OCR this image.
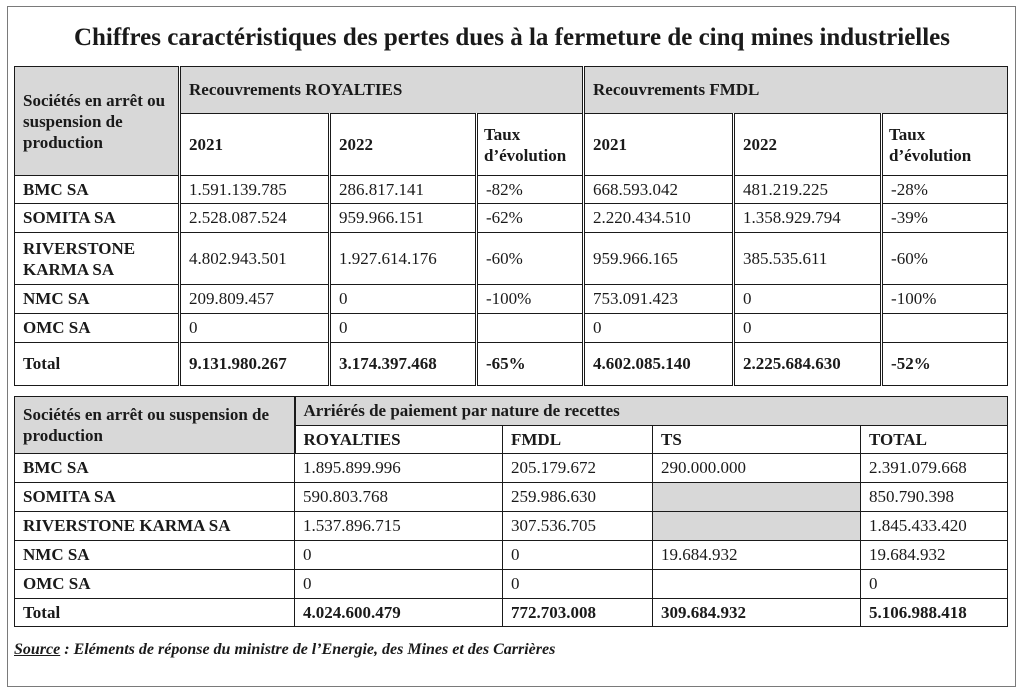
Chiffres caractéristiques des pertes dues à la fermeture de cinq mines industrielles
Sociétés en arrêt ou suspension de production	Recouvrements ROYALTIES			Recouvrements FMDL		
	2021	2022	Taux d’évolution	2021	2022	Taux d’évolution
BMC SA	1.591.139.785	286.817.141	-82%	668.593.042	481.219.225	-28%
SOMITA SA	2.528.087.524	959.966.151	-62%	2.220.434.510	1.358.929.794	-39%
RIVERSTONE KARMA SA	4.802.943.501	1.927.614.176	-60%	959.966.165	385.535.611	-60%
NMC SA	209.809.457	0	-100%	753.091.423	0	-100%
OMC SA	0	0		0	0	
Total	9.131.980.267	3.174.397.468	-65%	4.602.085.140	2.225.684.630	-52%
Sociétés en arrêt ou suspension de production	Arriérés de paiement par nature de recettes			
	ROYALTIES	FMDL	TS	TOTAL
BMC SA	1.895.899.996	205.179.672	290.000.000	2.391.079.668
SOMITA SA	590.803.768	259.986.630		850.790.398
RIVERSTONE KARMA SA	1.537.896.715	307.536.705		1.845.433.420
NMC SA	0	0	19.684.932	19.684.932
OMC SA	0	0		0
Total	4.024.600.479	772.703.008	309.684.932	5.106.988.418
Source : Eléments de réponse du ministre de l’Energie, des Mines et des Carrières
